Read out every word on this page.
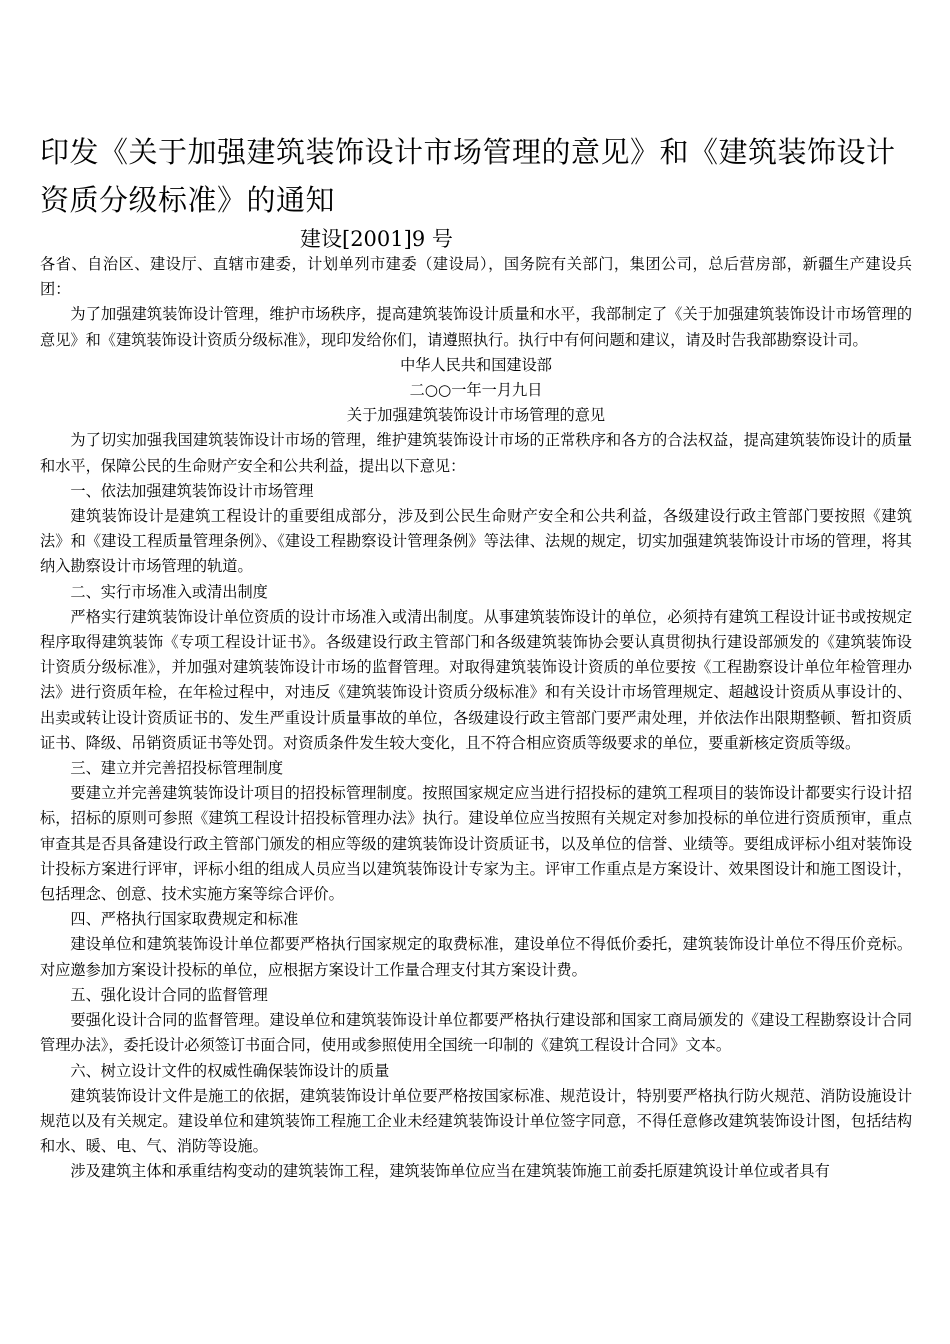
印发《关于加强建筑装饰设计市场管理的意见》和《建筑装饰设计资质分级标准》的通知
建设[2001]9 号

各省、自治区、建设厅、直辖市建委，计划单列市建委（建设局），国务院有关部门，集团公司，总后营房部，新疆生产建设兵团：

为了加强建筑装饰设计管理，维护市场秩序，提高建筑装饰设计质量和水平，我部制定了《关于加强建筑装饰设计市场管理的意见》和《建筑装饰设计资质分级标准》，现印发给你们，请遵照执行。执行中有何问题和建议，请及时告我部勘察设计司。

中华人民共和国建设部

二○○一年一月九日

关于加强建筑装饰设计市场管理的意见

为了切实加强我国建筑装饰设计市场的管理，维护建筑装饰设计市场的正常秩序和各方的合法权益，提高建筑装饰设计的质量和水平，保障公民的生命财产安全和公共利益，提出以下意见：

一、依法加强建筑装饰设计市场管理

建筑装饰设计是建筑工程设计的重要组成部分，涉及到公民生命财产安全和公共利益，各级建设行政主管部门要按照《建筑法》和《建设工程质量管理条例》、《建设工程勘察设计管理条例》等法律、法规的规定，切实加强建筑装饰设计市场的管理，将其纳入勘察设计市场管理的轨道。

二、实行市场准入或清出制度

严格实行建筑装饰设计单位资质的设计市场准入或清出制度。从事建筑装饰设计的单位，必须持有建筑工程设计证书或按规定程序取得建筑装饰《专项工程设计证书》。各级建设行政主管部门和各级建筑装饰协会要认真贯彻执行建设部颁发的《建筑装饰设计资质分级标准》，并加强对建筑装饰设计市场的监督管理。对取得建筑装饰设计资质的单位要按《工程勘察设计单位年检管理办法》进行资质年检，在年检过程中，对违反《建筑装饰设计资质分级标准》和有关设计市场管理规定、超越设计资质从事设计的、出卖或转让设计资质证书的、发生严重设计质量事故的单位，各级建设行政主管部门要严肃处理，并依法作出限期整顿、暂扣资质证书、降级、吊销资质证书等处罚。对资质条件发生较大变化，且不符合相应资质等级要求的单位，要重新核定资质等级。

三、建立并完善招投标管理制度

要建立并完善建筑装饰设计项目的招投标管理制度。按照国家规定应当进行招投标的建筑工程项目的装饰设计都要实行设计招标，招标的原则可参照《建筑工程设计招投标管理办法》执行。建设单位应当按照有关规定对参加投标的单位进行资质预审，重点审查其是否具备建设行政主管部门颁发的相应等级的建筑装饰设计资质证书，以及单位的信誉、业绩等。要组成评标小组对装饰设计投标方案进行评审，评标小组的组成人员应当以建筑装饰设计专家为主。评审工作重点是方案设计、效果图设计和施工图设计，包括理念、创意、技术实施方案等综合评价。

四、严格执行国家取费规定和标准

建设单位和建筑装饰设计单位都要严格执行国家规定的取费标准，建设单位不得低价委托，建筑装饰设计单位不得压价竞标。对应邀参加方案设计投标的单位，应根据方案设计工作量合理支付其方案设计费。

五、强化设计合同的监督管理

要强化设计合同的监督管理。建设单位和建筑装饰设计单位都要严格执行建设部和国家工商局颁发的《建设工程勘察设计合同管理办法》，委托设计必须签订书面合同，使用或参照使用全国统一印制的《建筑工程设计合同》文本。

六、树立设计文件的权威性确保装饰设计的质量

建筑装饰设计文件是施工的依据，建筑装饰设计单位要严格按国家标准、规范设计，特别要严格执行防火规范、消防设施设计规范以及有关规定。建设单位和建筑装饰工程施工企业未经建筑装饰设计单位签字同意，不得任意修改建筑装饰设计图，包括结构和水、暖、电、气、消防等设施。

涉及建筑主体和承重结构变动的建筑装饰工程，建筑装饰单位应当在建筑装饰施工前委托原建筑设计单位或者具有
